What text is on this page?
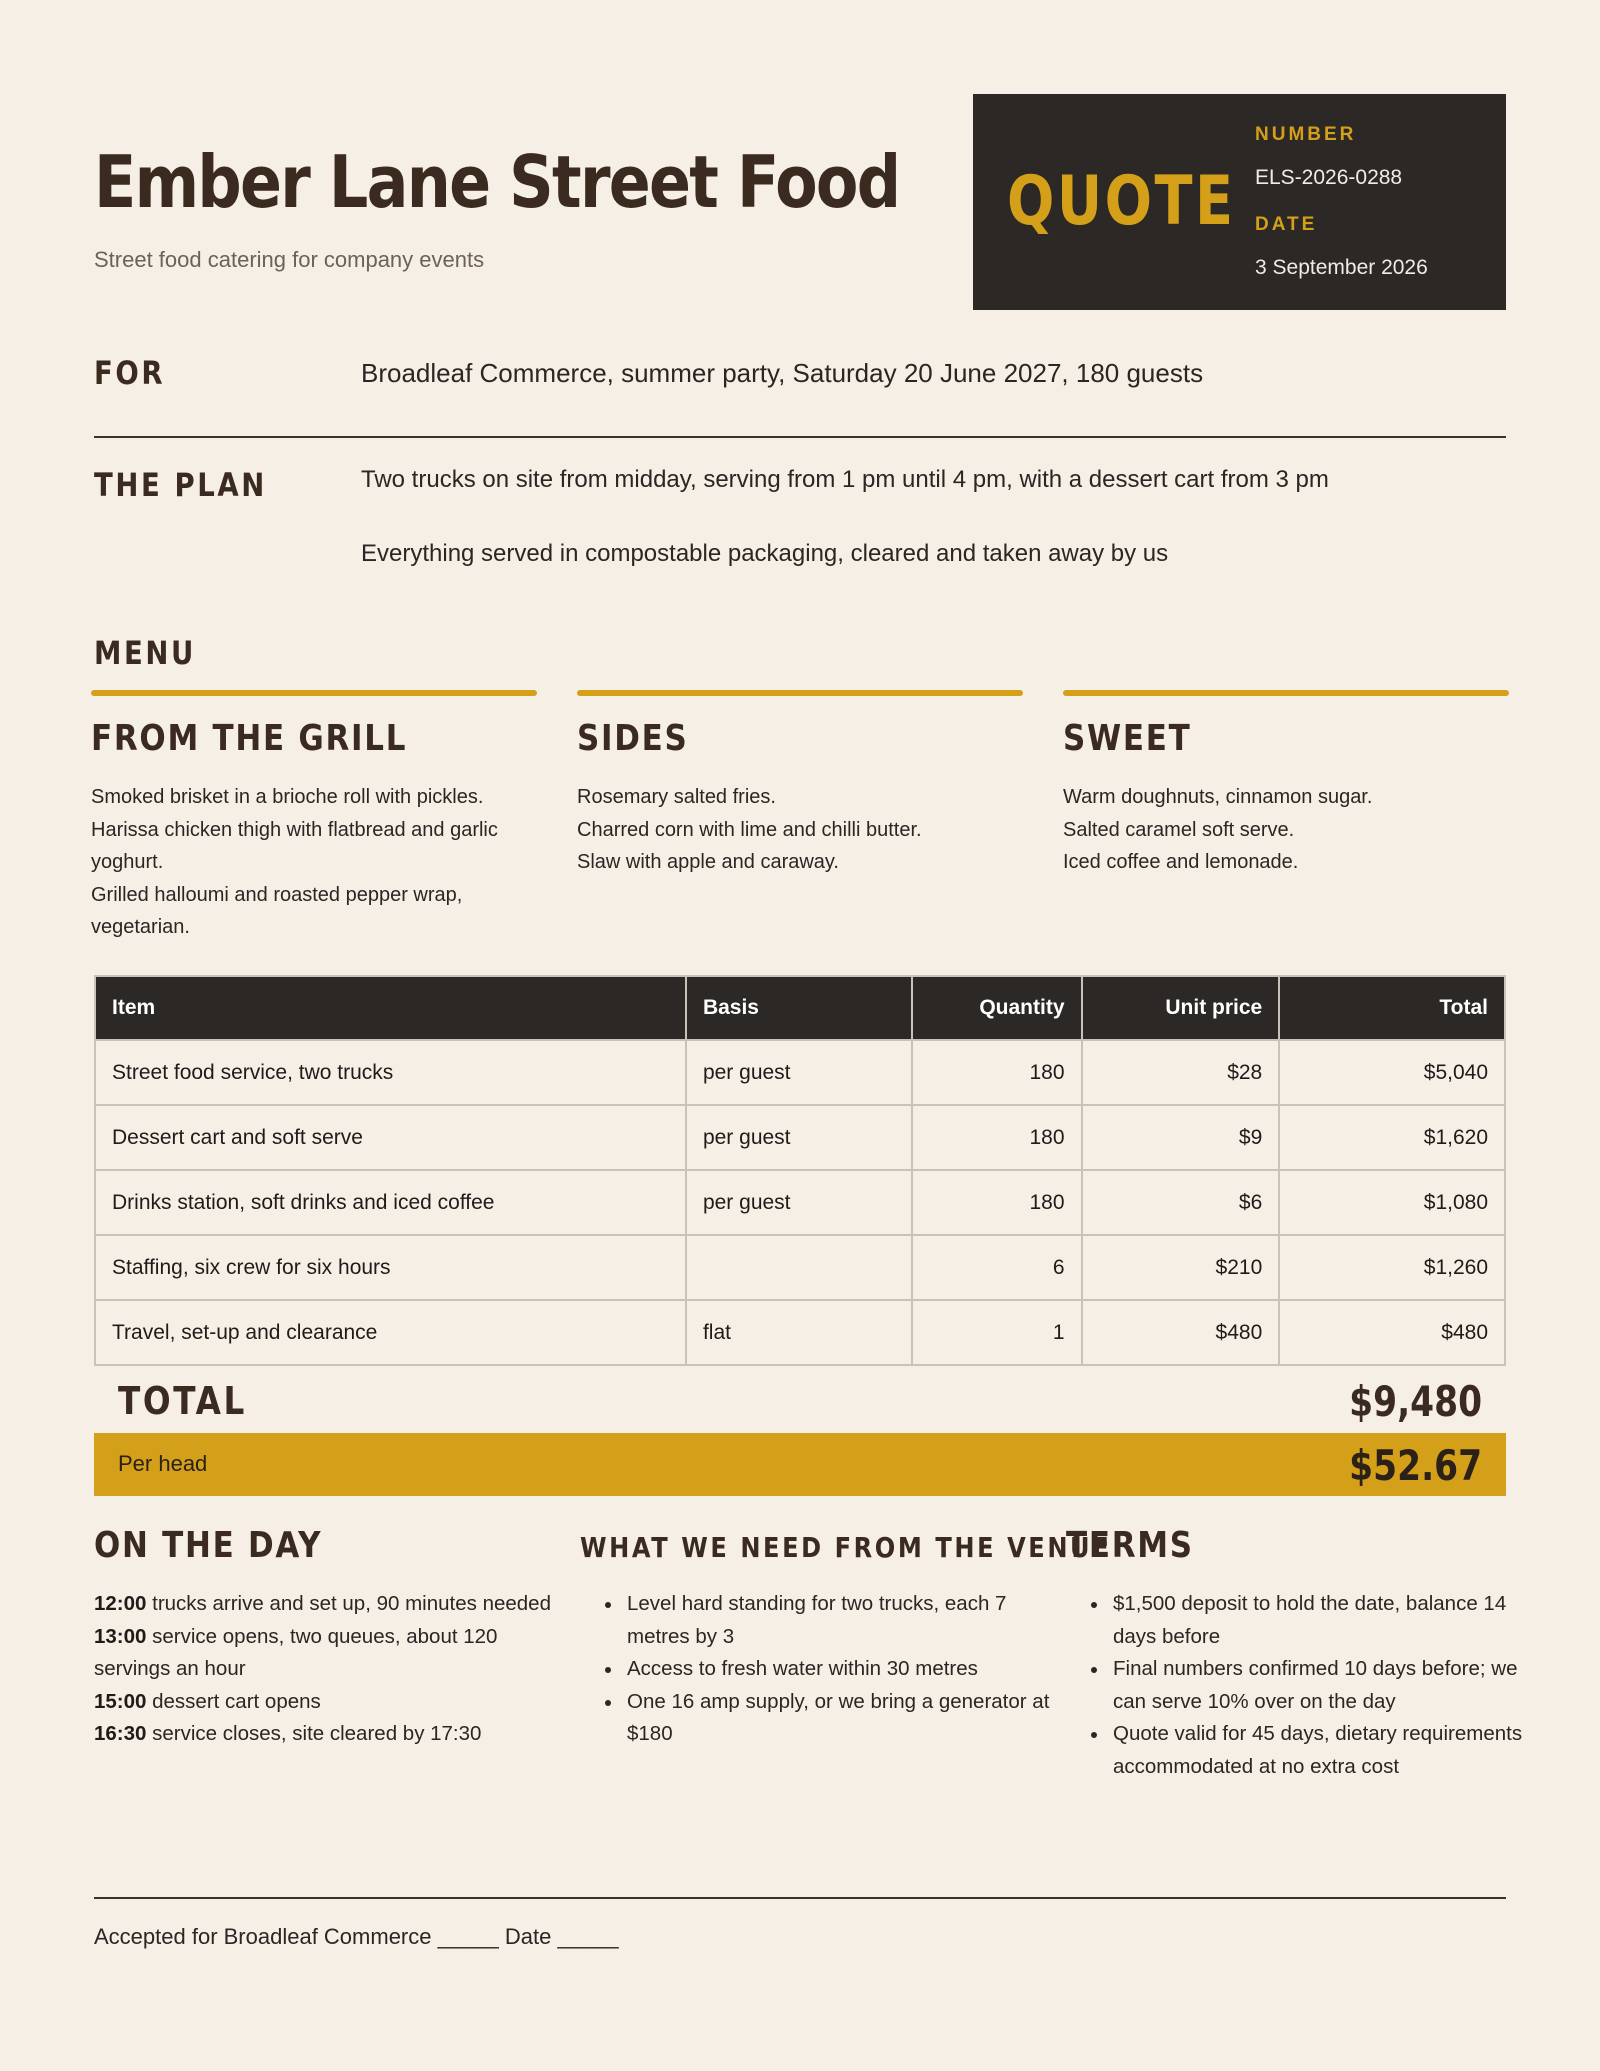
Ember Lane Street Food
Street food catering for company events
QUOTE
NUMBER
ELS-2026-0288
DATE
3 September 2026
FOR	Broadleaf Commerce, summer party, Saturday 20 June 2027, 180 guests
THE PLAN	Two trucks on site from midday, serving from 1 pm until 4 pm, with a dessert cart from 3 pm
Everything served in compostable packaging, cleared and taken away by us
MENU
FROM THE GRILL
Smoked brisket in a brioche roll with pickles.
Harissa chicken thigh with flatbread and garlic yoghurt.
Grilled halloumi and roasted pepper wrap, vegetarian.
SIDES
Rosemary salted fries.
Charred corn with lime and chilli butter.
Slaw with apple and caraway.
SWEET
Warm doughnuts, cinnamon sugar.
Salted caramel soft serve.
Iced coffee and lemonade.
Item	Basis	Quantity	Unit price	Total
Street food service, two trucks	per guest	180	$28	$5,040
Dessert cart and soft serve	per guest	180	$9	$1,620
Drinks station, soft drinks and iced coffee	per guest	180	$6	$1,080
Staffing, six crew for six hours		6	$210	$1,260
Travel, set-up and clearance	flat	1	$480	$480
TOTAL	$9,480
Per head	$52.67
ON THE DAY
12:00 trucks arrive and set up, 90 minutes needed
13:00 service opens, two queues, about 120 servings an hour
15:00 dessert cart opens
16:30 service closes, site cleared by 17:30
WHAT WE NEED FROM THE VENUE
Level hard standing for two trucks, each 7 metres by 3
Access to fresh water within 30 metres
One 16 amp supply, or we bring a generator at $180
TERMS
$1,500 deposit to hold the date, balance 14 days before
Final numbers confirmed 10 days before; we can serve 10% over on the day
Quote valid for 45 days, dietary requirements accommodated at no extra cost
Accepted for Broadleaf Commerce _____ Date _____
